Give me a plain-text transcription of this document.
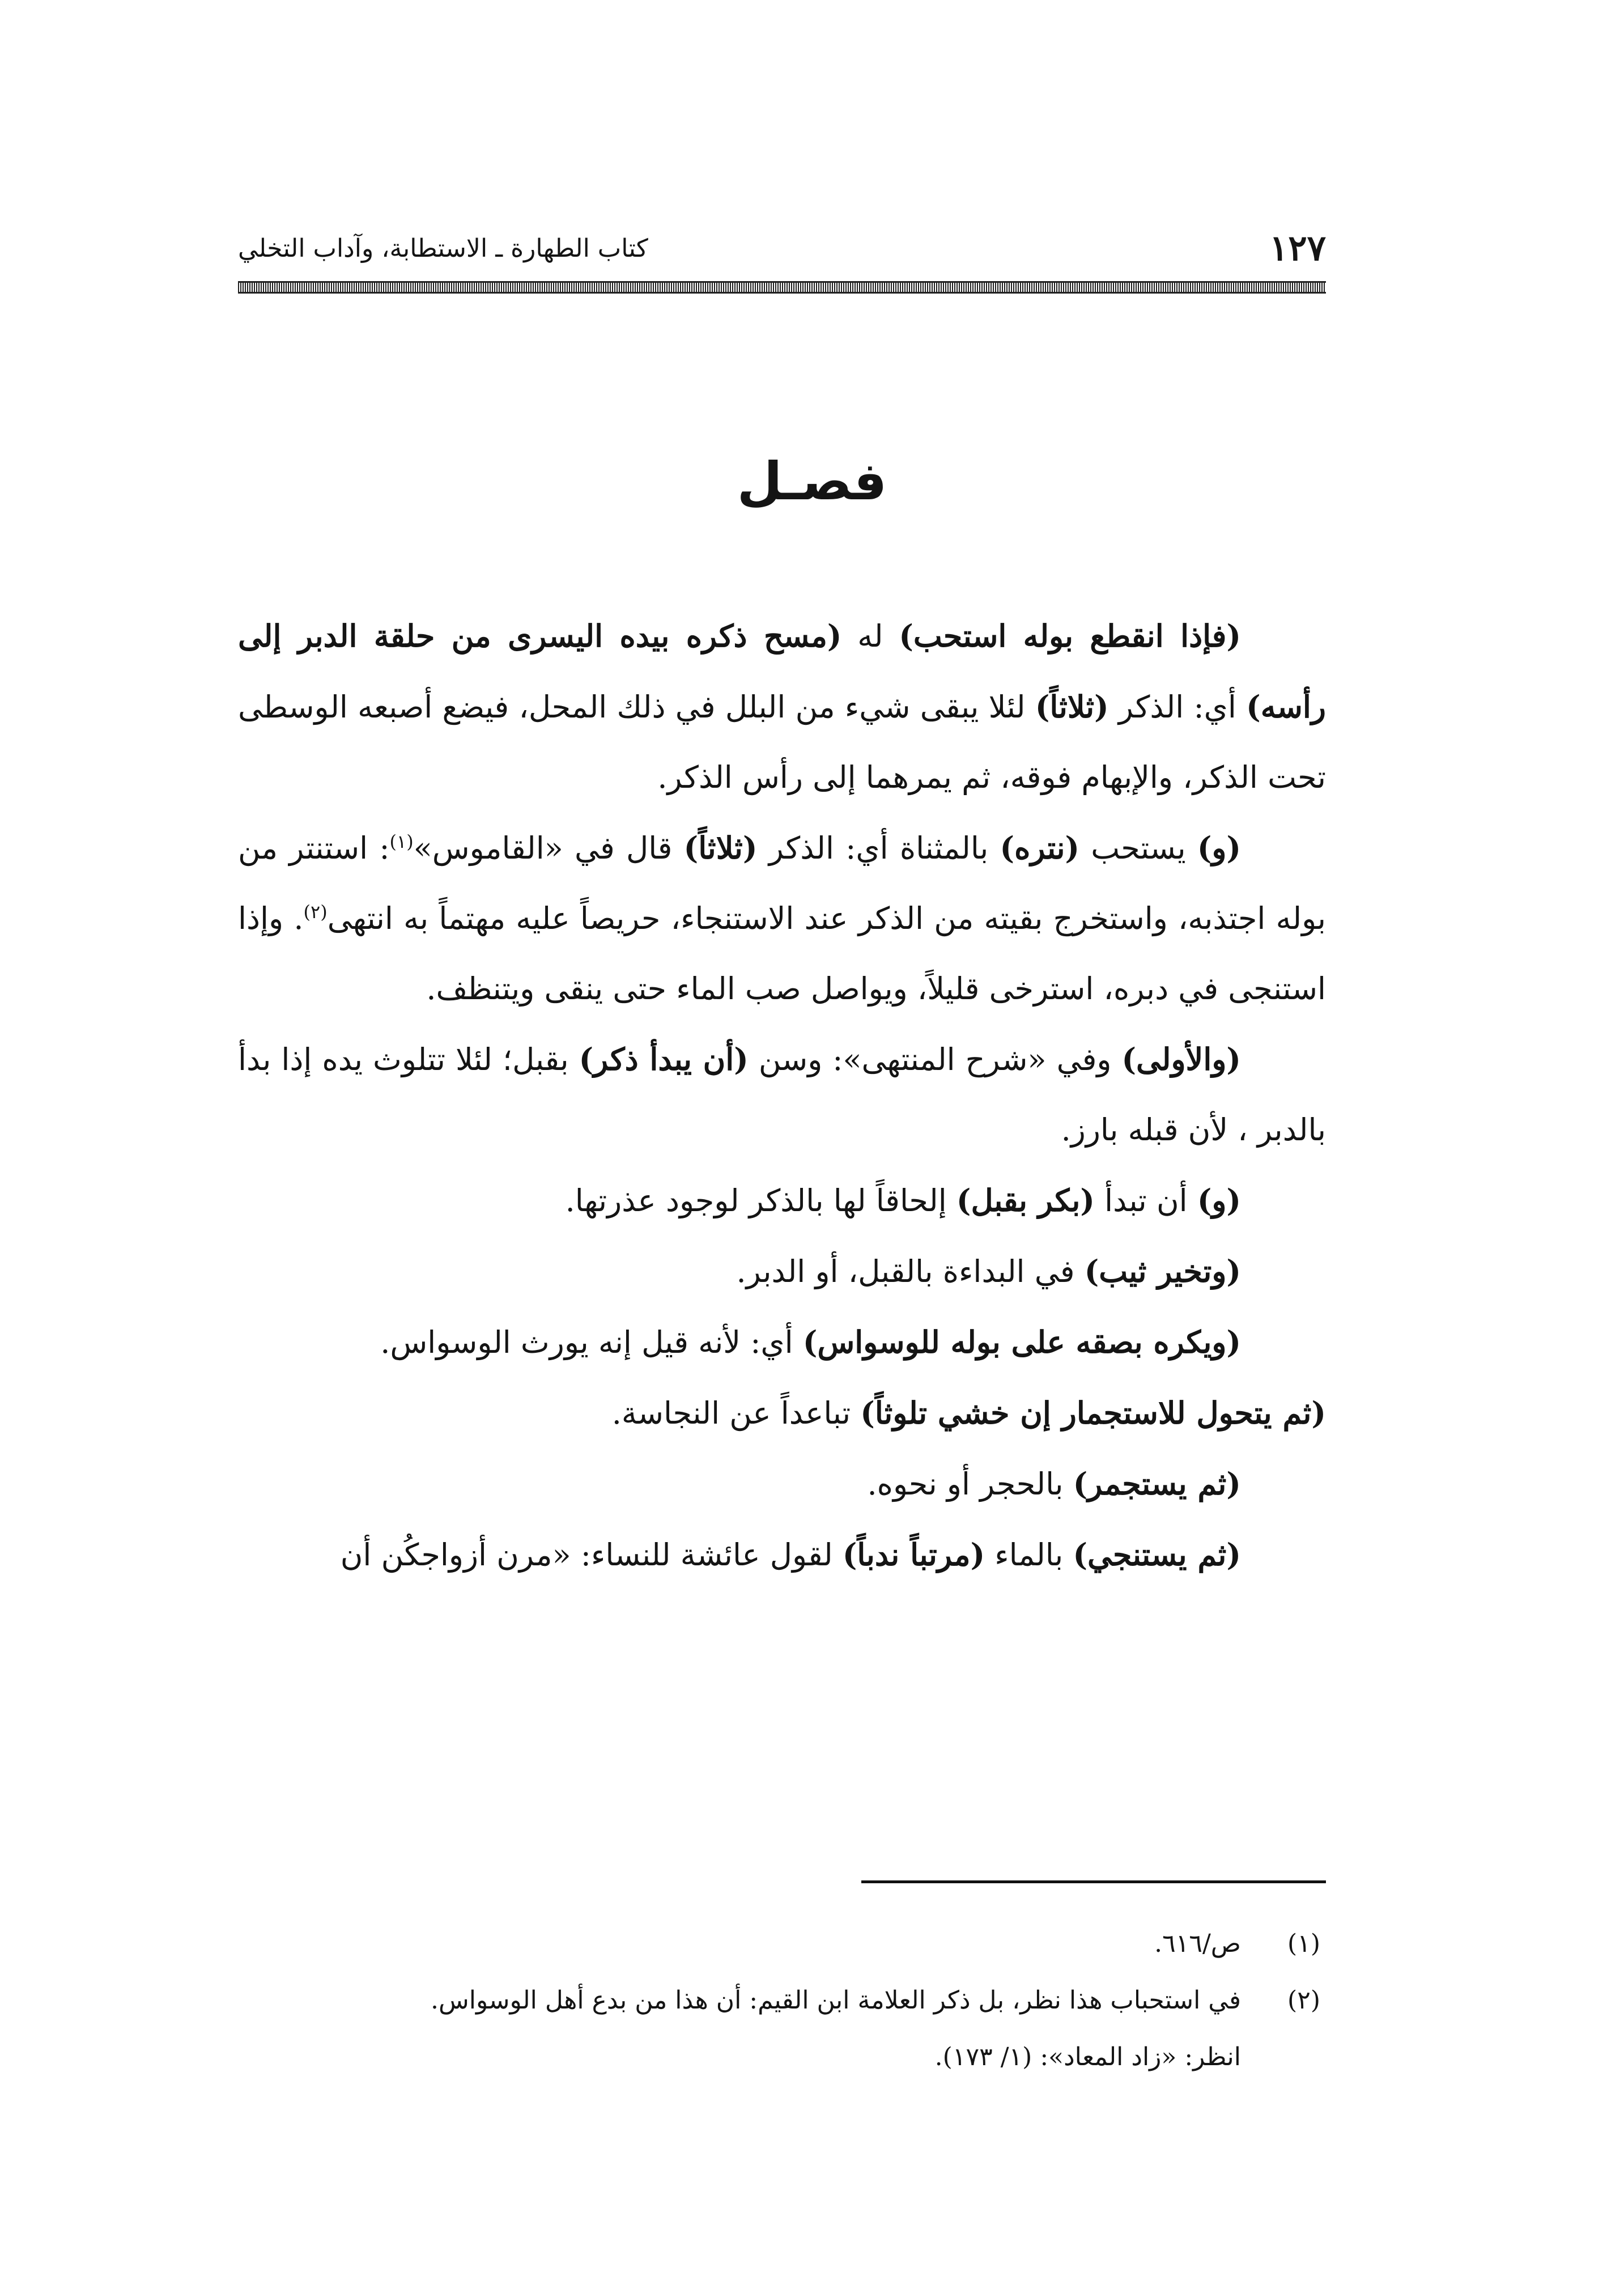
١٢٧
كتاب الطهارة ـ الاستطابة، وآداب التخلي
فصـل

(فإذا انقطع بوله استحب) له (مسح ذكره بيده اليسرى من حلقة الدبر إلى رأسه) أي: الذكر (ثلاثاً) لئلا يبقى شيء من البلل في ذلك المحل، فيضع أصبعه الوسطى تحت الذكر، والإبهام فوقه، ثم يمرهما إلى رأس الذكر.

(و) يستحب (نتره) بالمثناة أي: الذكر (ثلاثاً) قال في «القاموس»$^{(١)}$: استنتر من بوله اجتذبه، واستخرج بقيته من الذكر عند الاستنجاء، حريصاً عليه مهتماً به انتهى$^{(٢)}$. وإذا استنجى في دبره، استرخى قليلاً، ويواصل صب الماء حتى ينقى ويتنظف.

(والأولى) وفي «شرح المنتهى»: وسن (أن يبدأ ذكر) بقبل؛ لئلا تتلوث يده إذا بدأ بالدبر ، لأن قبله بارز.

(و) أن تبدأ (بكر بقبل) إلحاقاً لها بالذكر لوجود عذرتها.

(وتخير ثيب) في البداءة بالقبل، أو الدبر.

(ويكره بصقه على بوله للوسواس) أي: لأنه قيل إنه يورث الوسواس.

(ثم يتحول للاستجمار إن خشي تلوثاً) تباعداً عن النجاسة.

(ثم يستجمر) بالحجر أو نحوه.

(ثم يستنجي) بالماء (مرتباً ندباً) لقول عائشة للنساء: «مرن أزواجكُن أن

(١)
ص/٦١٦.
(٢)
في استحباب هذا نظر، بل ذكر العلامة ابن القيم: أن هذا من بدع أهل الوسواس.
انظر: «زاد المعاد»: (١/ ١٧٣).
